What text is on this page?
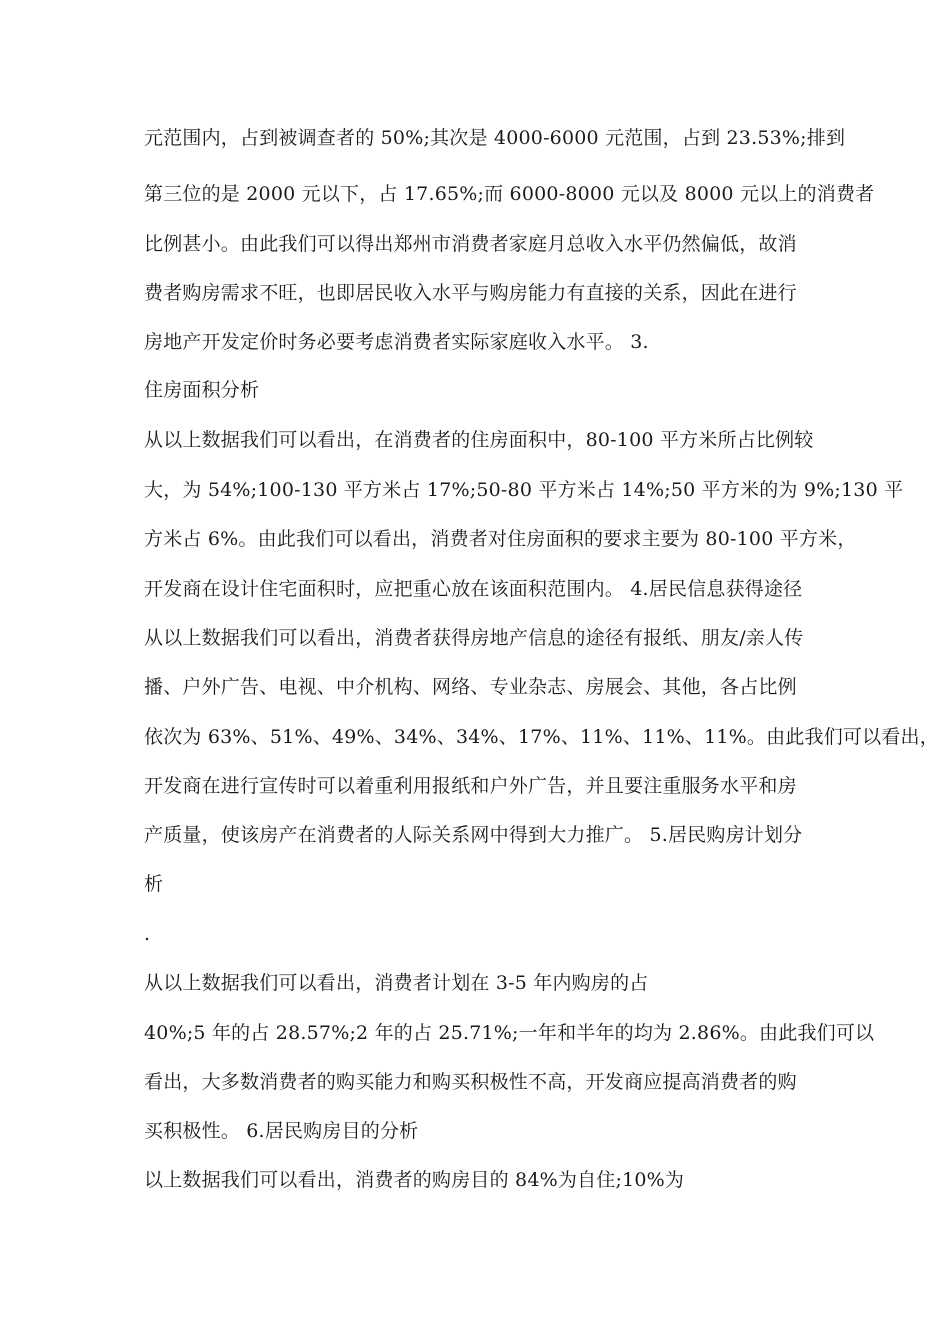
元范围内，占到被调查者的 50%;其次是 4000-6000 元范围，占到 23.53%;排到
第三位的是 2000 元以下，占 17.65%;而 6000-8000 元以及 8000 元以上的消费者
比例甚小。由此我们可以得出郑州市消费者家庭月总收入水平仍然偏低，故消
费者购房需求不旺，也即居民收入水平与购房能力有直接的关系，因此在进行
房地产开发定价时务必要考虑消费者实际家庭收入水平。 3.
住房面积分析
从以上数据我们可以看出，在消费者的住房面积中，80-100 平方米所占比例较
大，为 54%;100-130 平方米占 17%;50-80 平方米占 14%;50 平方米的为 9%;130 平
方米占 6%。由此我们可以看出，消费者对住房面积的要求主要为 80-100 平方米，
开发商在设计住宅面积时，应把重心放在该面积范围内。 4.居民信息获得途径
从以上数据我们可以看出，消费者获得房地产信息的途径有报纸、朋友/亲人传
播、户外广告、电视、中介机构、网络、专业杂志、房展会、其他，各占比例
依次为 63%、51%、49%、34%、34%、17%、11%、11%、11%。由此我们可以看出，
开发商在进行宣传时可以着重利用报纸和户外广告，并且要注重服务水平和房
产质量，使该房产在消费者的人际关系网中得到大力推广。 5.居民购房计划分
析
.
从以上数据我们可以看出，消费者计划在 3-5 年内购房的占
40%;5 年的占 28.57%;2 年的占 25.71%;一年和半年的均为 2.86%。由此我们可以
看出，大多数消费者的购买能力和购买积极性不高，开发商应提高消费者的购
买积极性。 6.居民购房目的分析
以上数据我们可以看出，消费者的购房目的 84%为自住;10%为
